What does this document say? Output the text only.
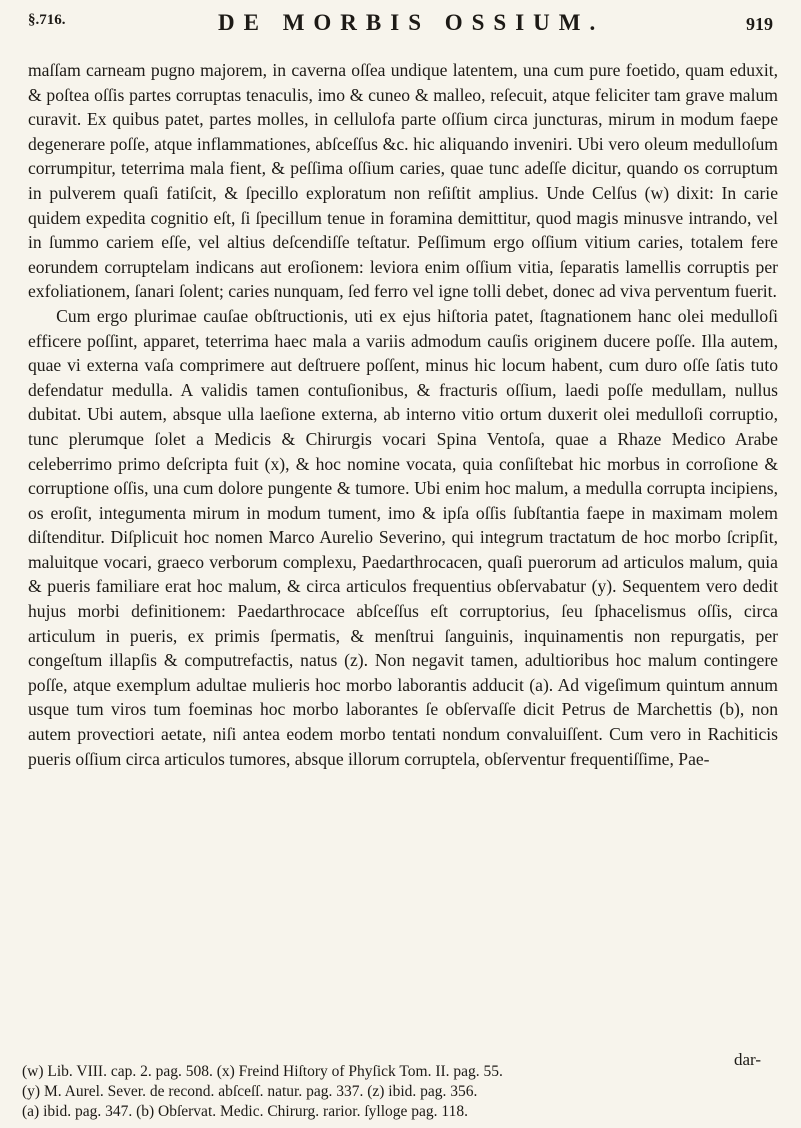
§.716.	DE MORBIS OSSIUM.	919

maſſam carneam pugno majorem, in caverna oſſea undique latentem, una cum pure foetido, quam eduxit, & poſtea oſſis partes corruptas tenaculis, imo & cuneo & malleo, reſecuit, atque feliciter tam grave malum curavit. Ex quibus patet, partes molles, in cellulofa parte oſſium circa juncturas, mirum in modum faepe degenerare poſſe, atque inflammationes, abſceſſus &c. hic aliquando inveniri. Ubi vero oleum medulloſum corrumpitur, teterrima mala fient, & peſſima oſſium caries, quae tunc adeſſe dicitur, quando os corruptum in pulverem quaſi fatiſcit, & ſpecillo exploratum non reſiſtit amplius. Unde Celſus (w) dixit: In carie quidem expedita cognitio eſt, ſi ſpecillum tenue in foramina demittitur, quod magis minusve intrando, vel in ſummo cariem eſſe, vel altius deſcendiſſe teſtatur. Peſſimum ergo oſſium vitium caries, totalem fere eorundem corruptelam indicans aut eroſionem: leviora enim oſſium vitia, ſeparatis lamellis corruptis per exfoliationem, ſanari ſolent; caries nunquam, ſed ferro vel igne tolli debet, donec ad viva perventum fuerit.

Cum ergo plurimae cauſae obſtructionis, uti ex ejus hiſtoria patet, ſtagnationem hanc olei medulloſi efficere poſſint, apparet, teterrima haec mala a variis admodum cauſis originem ducere poſſe. Illa autem, quae vi externa vaſa comprimere aut deſtruere poſſent, minus hic locum habent, cum duro oſſe ſatis tuto defendatur medulla. A validis tamen contuſionibus, & fracturis oſſium, laedi poſſe medullam, nullus dubitat. Ubi autem, absque ulla laeſione externa, ab interno vitio ortum duxerit olei medulloſi corruptio, tunc plerumque ſolet a Medicis & Chirurgis vocari Spina Ventoſa, quae a Rhaze Medico Arabe celeberrimo primo deſcripta fuit (x), & hoc nomine vocata, quia conſiſtebat hic morbus in corroſione & corruptione oſſis, una cum dolore pungente & tumore. Ubi enim hoc malum, a medulla corrupta incipiens, os eroſit, integumenta mirum in modum tument, imo & ipſa oſſis ſubſtantia faepe in maximam molem diſtenditur. Diſplicuit hoc nomen Marco Aurelio Severino, qui integrum tractatum de hoc morbo ſcripſit, maluitque vocari, graeco verborum complexu, Paedarthrocacen, quaſi puerorum ad articulos malum, quia & pueris familiare erat hoc malum, & circa articulos frequentius obſervabatur (y). Sequentem vero dedit hujus morbi definitionem: Paedarthrocace abſceſſus eſt corruptorius, ſeu ſphacelismus oſſis, circa articulum in pueris, ex primis ſpermatis, & menſtrui ſanguinis, inquinamentis non repurgatis, per congeſtum illapſis & computrefactis, natus (z). Non negavit tamen, adultioribus hoc malum contingere poſſe, atque exemplum adultae mulieris hoc morbo laborantis adducit (a). Ad vigeſimum quintum annum usque tum viros tum foeminas hoc morbo laborantes ſe obſervaſſe dicit Petrus de Marchettis (b), non autem provectiori aetate, niſi antea eodem morbo tentati nondum convaluiſſent. Cum vero in Rachiticis pueris oſſium circa articulos tumores, absque illorum corruptela, obſerventur frequentiſſime, Pae-

dar-
(w) Lib. VIII. cap. 2. pag. 508. (x) Freind Hiſtory of Phyſick Tom. II. pag. 55.
(y) M. Aurel. Sever. de recond. abſceſſ. natur. pag. 337. (z) ibid. pag. 356.
(a) ibid. pag. 347. (b) Obſervat. Medic. Chirurg. rarior. ſylloge pag. 118.
